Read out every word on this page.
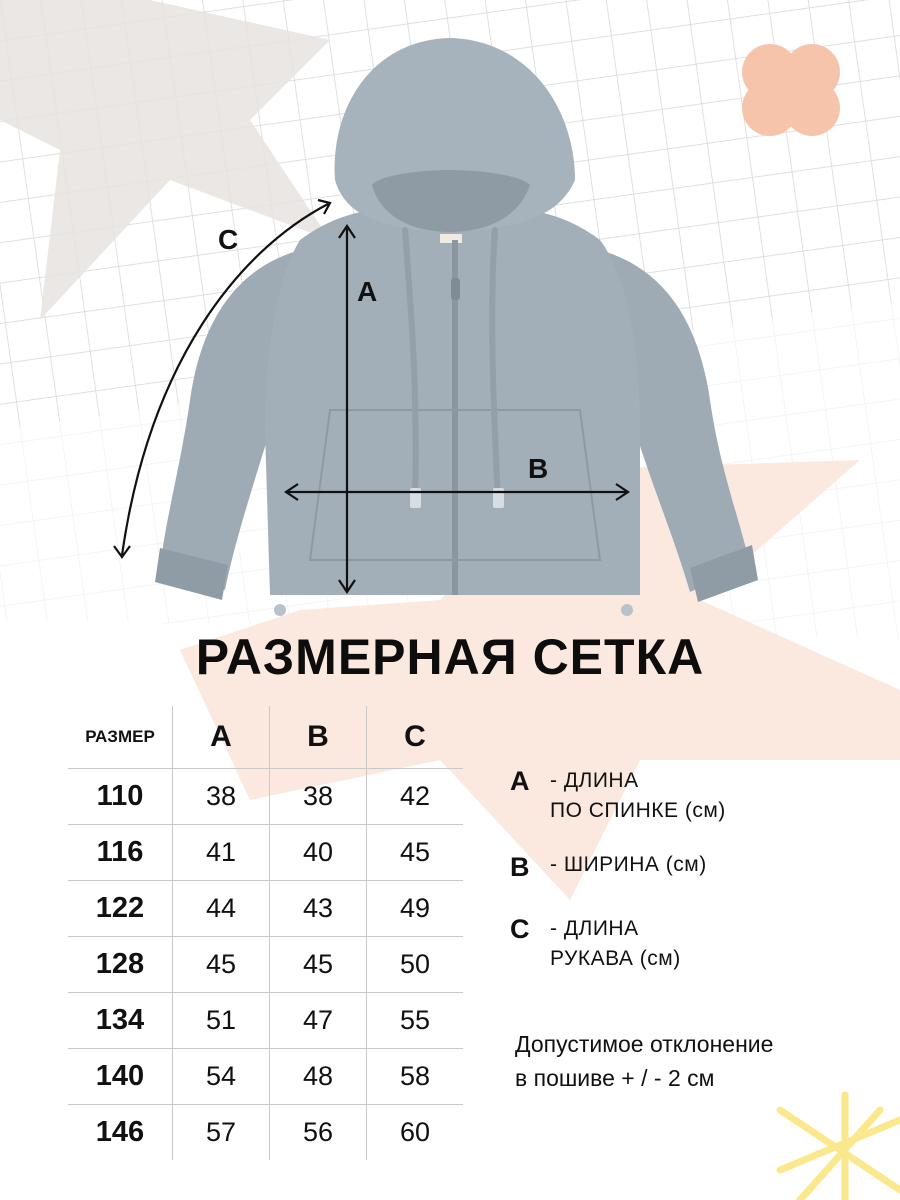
C
A
B
РАЗМЕРНАЯ СЕТКА
РАЗМЕР	A	B	C
110	38	38	42
116	41	40	45
122	44	43	49
128	45	45	50
134	51	47	55
140	54	48	58
146	57	56	60
A - ДЛИНА
ПО СПИНКЕ (см)
B - ШИРИНА (см)
C - ДЛИНА
РУКАВА (см)
Допустимое отклонение
в пошиве + / - 2 см
